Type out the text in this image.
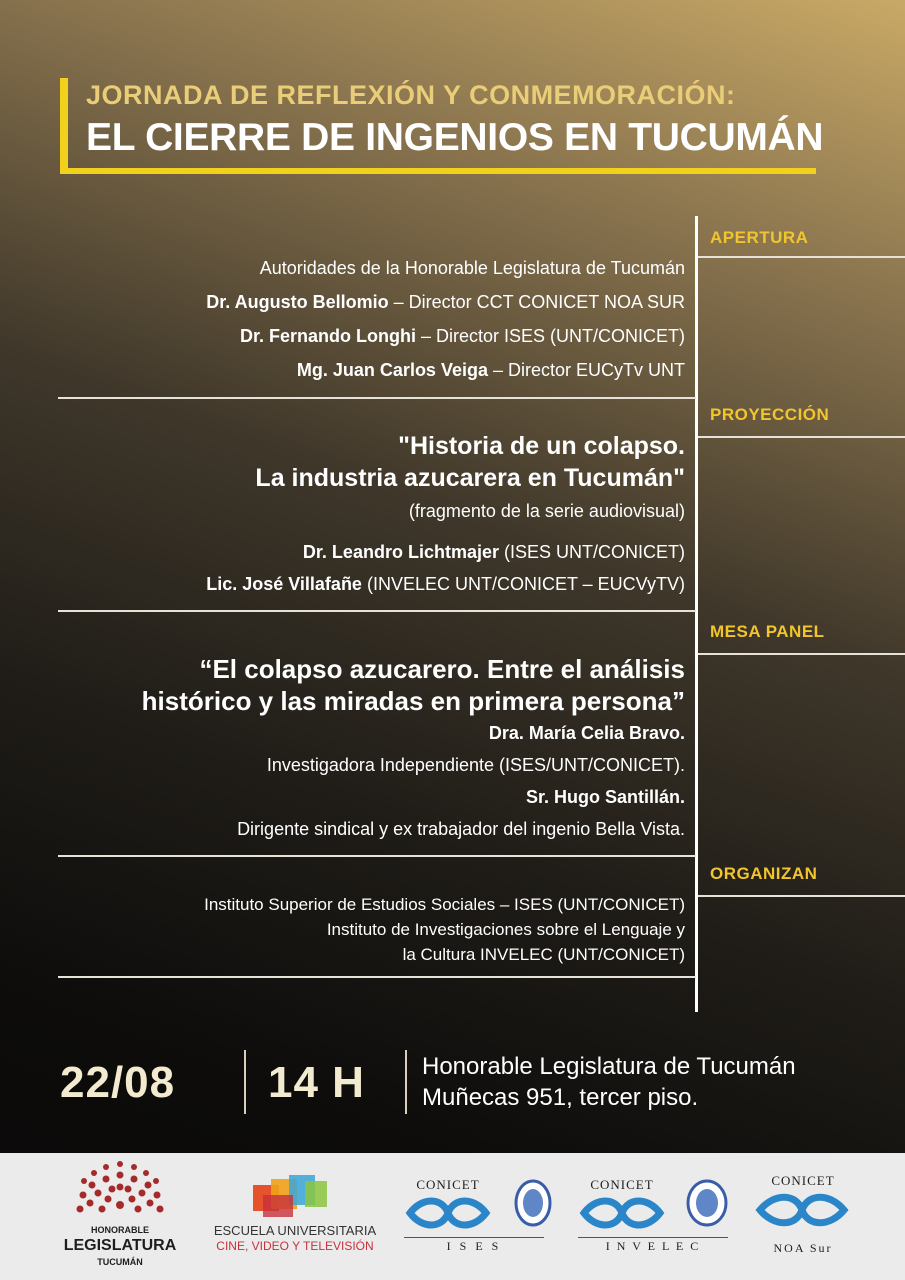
JORNADA DE REFLEXIÓN Y CONMEMORACIÓN:
EL CIERRE DE INGENIOS EN TUCUMÁN
APERTURA
Autoridades de la Honorable Legislatura de Tucumán
Dr. Augusto Bellomio – Director CCT CONICET NOA SUR
Dr. Fernando Longhi – Director ISES (UNT/CONICET)
Mg. Juan Carlos Veiga – Director EUCyTv UNT
PROYECCIÓN
"Historia de un colapso.
La industria azucarera en Tucumán"
(fragmento de la serie audiovisual)
Dr. Leandro Lichtmajer (ISES UNT/CONICET)
Lic. José Villafañe (INVELEC UNT/CONICET – EUCVyTV)
MESA PANEL
“El colapso azucarero. Entre el análisis
histórico y las miradas en primera persona”
Dra. María Celia Bravo.
Investigadora Independiente (ISES/UNT/CONICET).
Sr. Hugo Santillán.
Dirigente sindical y ex trabajador del ingenio Bella Vista.
ORGANIZAN
Instituto Superior de Estudios Sociales – ISES (UNT/CONICET)
Instituto de Investigaciones sobre el Lenguaje y
la Cultura INVELEC (UNT/CONICET)
22/08 14 H Honorable Legislatura de Tucumán
Muñecas 951, tercer piso.
HONORABLE
LEGISLATURA
TUCUMÁN
ESCUELA UNIVERSITARIA
CINE, VIDEO Y TELEVISIÓN
CONICET
I S E S
CONICET
I N V E L E C
CONICET
NOA Sur
